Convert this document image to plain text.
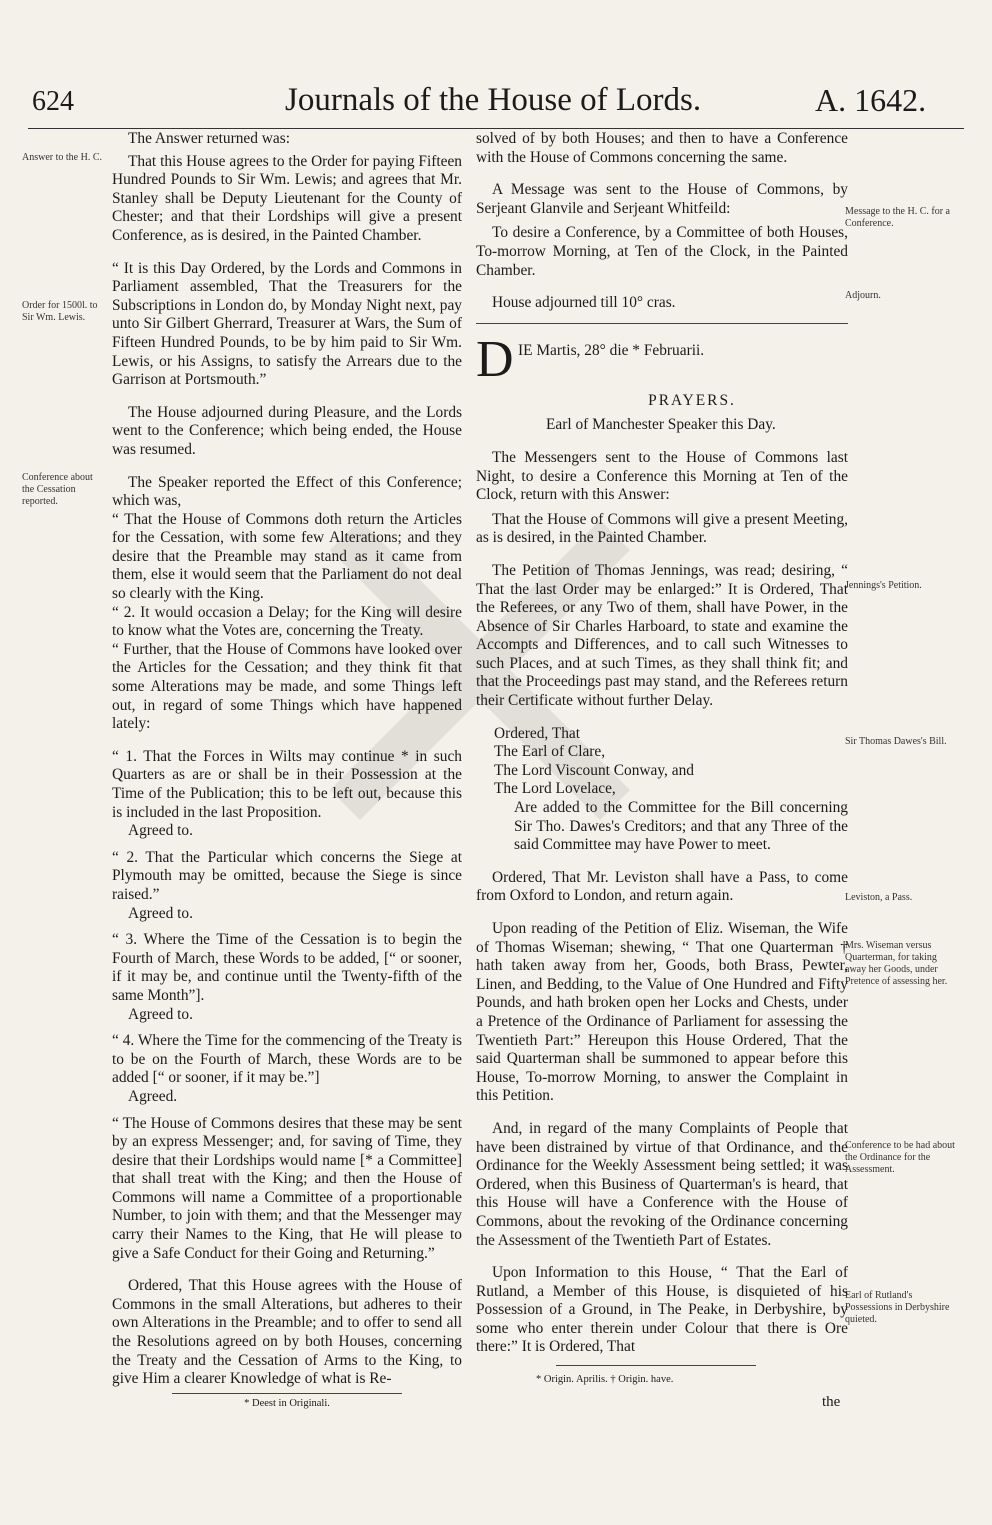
624	Journals of the House of Lords.	A. 1642.
Answer to the H. C.
Order for 1500l. to Sir Wm. Lewis.
Conference about the Cessation reported.
Message to the H. C. for a Conference.
Adjourn.
Jennings's Petition.
Sir Thomas Dawes's Bill.
Leviston, a Pass.
Mrs. Wiseman versus Quarterman, for taking away her Goods, under Pretence of assessing her.
Conference to be had about the Ordinance for the Assessment.
Earl of Rutland's Possessions in Derbyshire quieted.

The Answer returned was:

That this House agrees to the Order for paying Fifteen Hundred Pounds to Sir Wm. Lewis; and agrees that Mr. Stanley shall be Deputy Lieutenant for the County of Chester; and that their Lordships will give a present Conference, as is desired, in the Painted Chamber.

“ It is this Day Ordered, by the Lords and Commons in Parliament assembled, That the Treasurers for the Subscriptions in London do, by Monday Night next, pay unto Sir Gilbert Gherrard, Treasurer at Wars, the Sum of Fifteen Hundred Pounds, to be by him paid to Sir Wm. Lewis, or his Assigns, to satisfy the Arrears due to the Garrison at Portsmouth.”

The House adjourned during Pleasure, and the Lords went to the Conference; which being ended, the House was resumed.

The Speaker reported the Effect of this Conference; which was,

“ That the House of Commons doth return the Articles for the Cessation, with some few Alterations; and they desire that the Preamble may stand as it came from them, else it would seem that the Parliament do not deal so clearly with the King.

“ 2. It would occasion a Delay; for the King will desire to know what the Votes are, concerning the Treaty.

“ Further, that the House of Commons have looked over the Articles for the Cessation; and they think fit that some Alterations may be made, and some Things left out, in regard of some Things which have happened lately:

“ 1. That the Forces in Wilts may continue * in such Quarters as are or shall be in their Possession at the Time of the Publication; this to be left out, because this is included in the last Proposition.

Agreed to.

“ 2. That the Particular which concerns the Siege at Plymouth may be omitted, because the Siege is since raised.”

Agreed to.

“ 3. Where the Time of the Cessation is to begin the Fourth of March, these Words to be added, [“ or sooner, if it may be, and continue until the Twenty-fifth of the same Month”].

Agreed to.

“ 4. Where the Time for the commencing of the Treaty is to be on the Fourth of March, these Words are to be added [“ or sooner, if it may be.”]

Agreed.

“ The House of Commons desires that these may be sent by an express Messenger; and, for saving of Time, they desire that their Lordships would name [* a Committee] that shall treat with the King; and then the House of Commons will name a Committee of a proportionable Number, to join with them; and that the Messenger may carry their Names to the King, that He will please to give a Safe Conduct for their Going and Returning.”

Ordered, That this House agrees with the House of Commons in the small Alterations, but adheres to their own Alterations in the Preamble; and to offer to send all the Resolutions agreed on by both Houses, concerning the Treaty and the Cessation of Arms to the King, to give Him a clearer Knowledge of what is Re-

* Deest in Originali.

solved of by both Houses; and then to have a Conference with the House of Commons concerning the same.

A Message was sent to the House of Commons, by Serjeant Glanvile and Serjeant Whitfeild:

To desire a Conference, by a Committee of both Houses, To-morrow Morning, at Ten of the Clock, in the Painted Chamber.

House adjourned till 10° cras.

D IE Martis, 28° die * Februarii.

PRAYERS.

Earl of Manchester Speaker this Day.

The Messengers sent to the House of Commons last Night, to desire a Conference this Morning at Ten of the Clock, return with this Answer:

That the House of Commons will give a present Meeting, as is desired, in the Painted Chamber.

The Petition of Thomas Jennings, was read; desiring, “ That the last Order may be enlarged:” It is Ordered, That the Referees, or any Two of them, shall have Power, in the Absence of Sir Charles Harboard, to state and examine the Accompts and Differences, and to call such Witnesses to such Places, and at such Times, as they shall think fit; and that the Proceedings past may stand, and the Referees return their Certificate without further Delay.

Ordered, That

The Earl of Clare,

The Lord Viscount Conway, and

The Lord Lovelace,

Are added to the Committee for the Bill concerning Sir Tho. Dawes's Creditors; and that any Three of the said Committee may have Power to meet.

Ordered, That Mr. Leviston shall have a Pass, to come from Oxford to London, and return again.

Upon reading of the Petition of Eliz. Wiseman, the Wife of Thomas Wiseman; shewing, “ That one Quarterman † hath taken away from her, Goods, both Brass, Pewter, Linen, and Bedding, to the Value of One Hundred and Fifty Pounds, and hath broken open her Locks and Chests, under a Pretence of the Ordinance of Parliament for assessing the Twentieth Part:” Hereupon this House Ordered, That the said Quarterman shall be summoned to appear before this House, To-morrow Morning, to answer the Complaint in this Petition.

And, in regard of the many Complaints of People that have been distrained by virtue of that Ordinance, and the Ordinance for the Weekly Assessment being settled; it was Ordered, when this Business of Quarterman's is heard, that this House will have a Conference with the House of Commons, about the revoking of the Ordinance concerning the Assessment of the Twentieth Part of Estates.

Upon Information to this House, “ That the Earl of Rutland, a Member of this House, is disquieted of his Possession of a Ground, in The Peake, in Derbyshire, by some who enter therein under Colour that there is Ore there:” It is Ordered, That

* Origin. Aprilis. † Origin. have.

the
